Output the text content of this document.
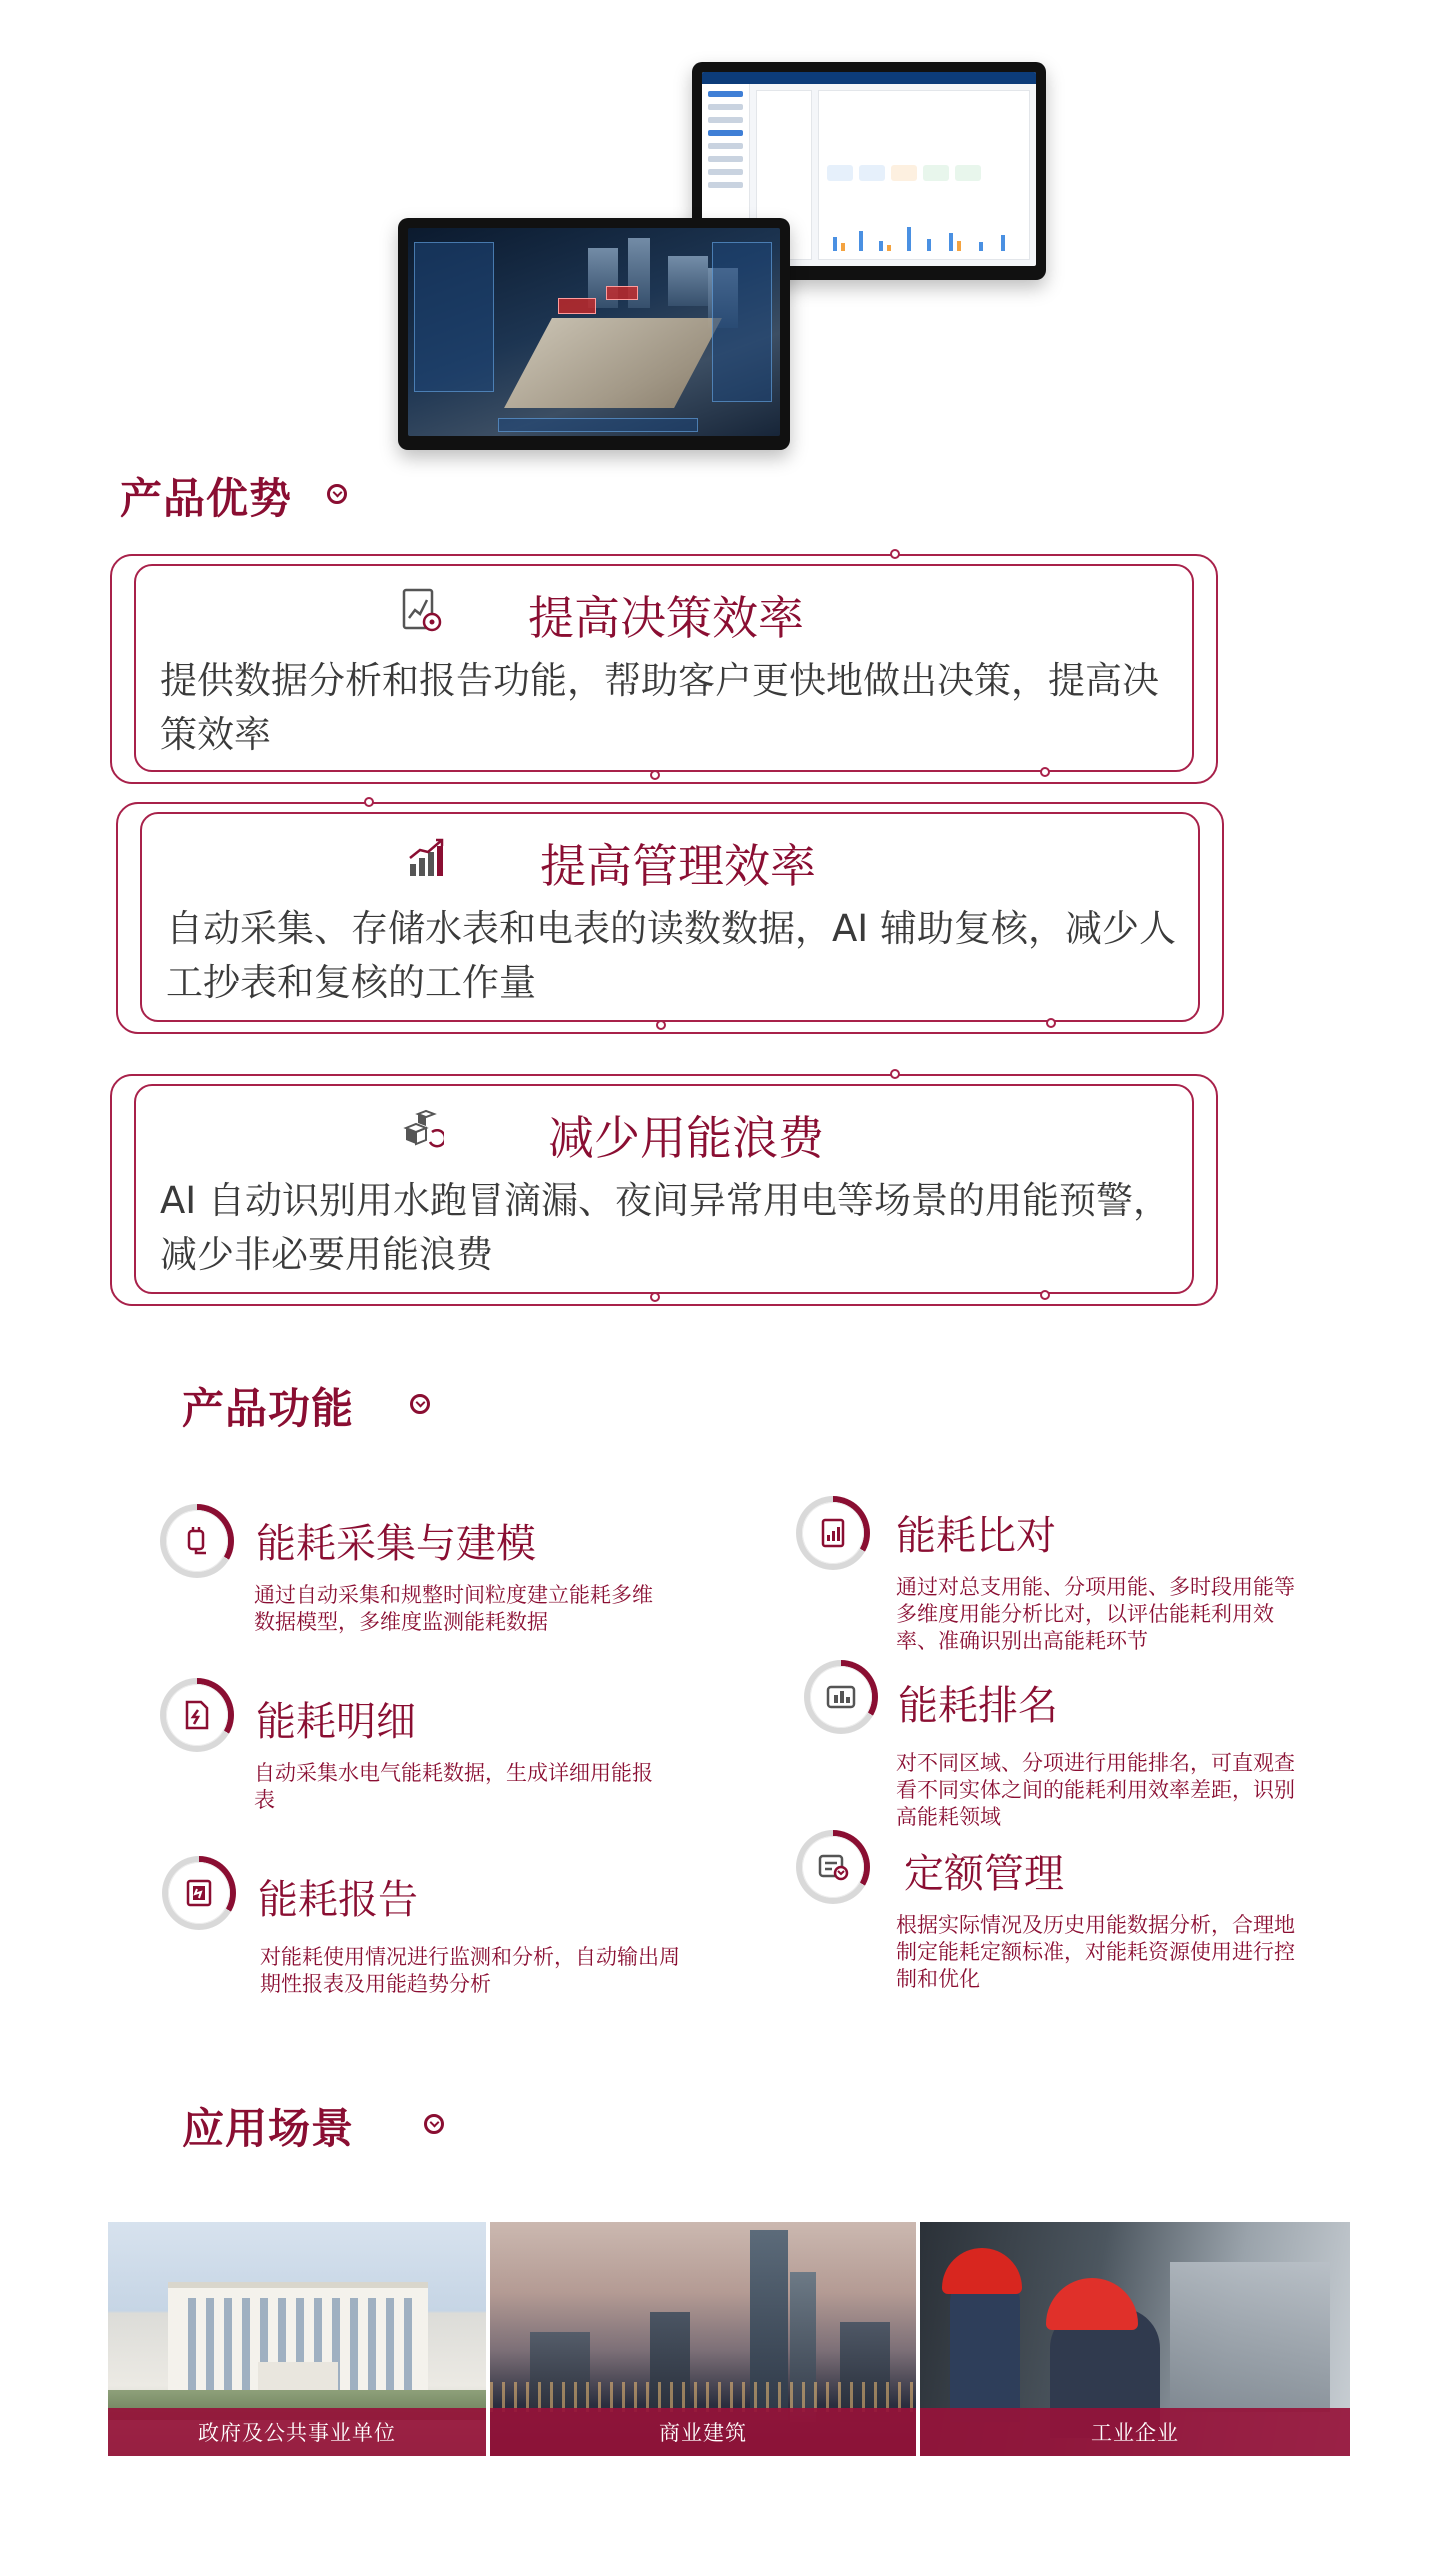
产品优势
提高决策效率
提供数据分析和报告功能，帮助客户更快地做出决策，提高决策效率
提高管理效率
自动采集、存储水表和电表的读数数据，AI 辅助复核，减少人工抄表和复核的工作量
减少用能浪费
AI 自动识别用水跑冒滴漏、夜间异常用电等场景的用能预警，减少非必要用能浪费
产品功能
能耗采集与建模
通过自动采集和规整时间粒度建立能耗多维数据模型，多维度监测能耗数据
能耗明细
自动采集水电气能耗数据，生成详细用能报表
能耗报告
对能耗使用情况进行监测和分析，自动输出周期性报表及用能趋势分析
能耗比对
通过对总支用能、分项用能、多时段用能等多维度用能分析比对，以评估能耗利用效率、准确识别出高能耗环节
能耗排名
对不同区域、分项进行用能排名，可直观查看不同实体之间的能耗利用效率差距，识别高能耗领域
定额管理
根据实际情况及历史用能数据分析，合理地制定能耗定额标准，对能耗资源使用进行控制和优化
应用场景
政府及公共事业单位	商业建筑	工业企业
